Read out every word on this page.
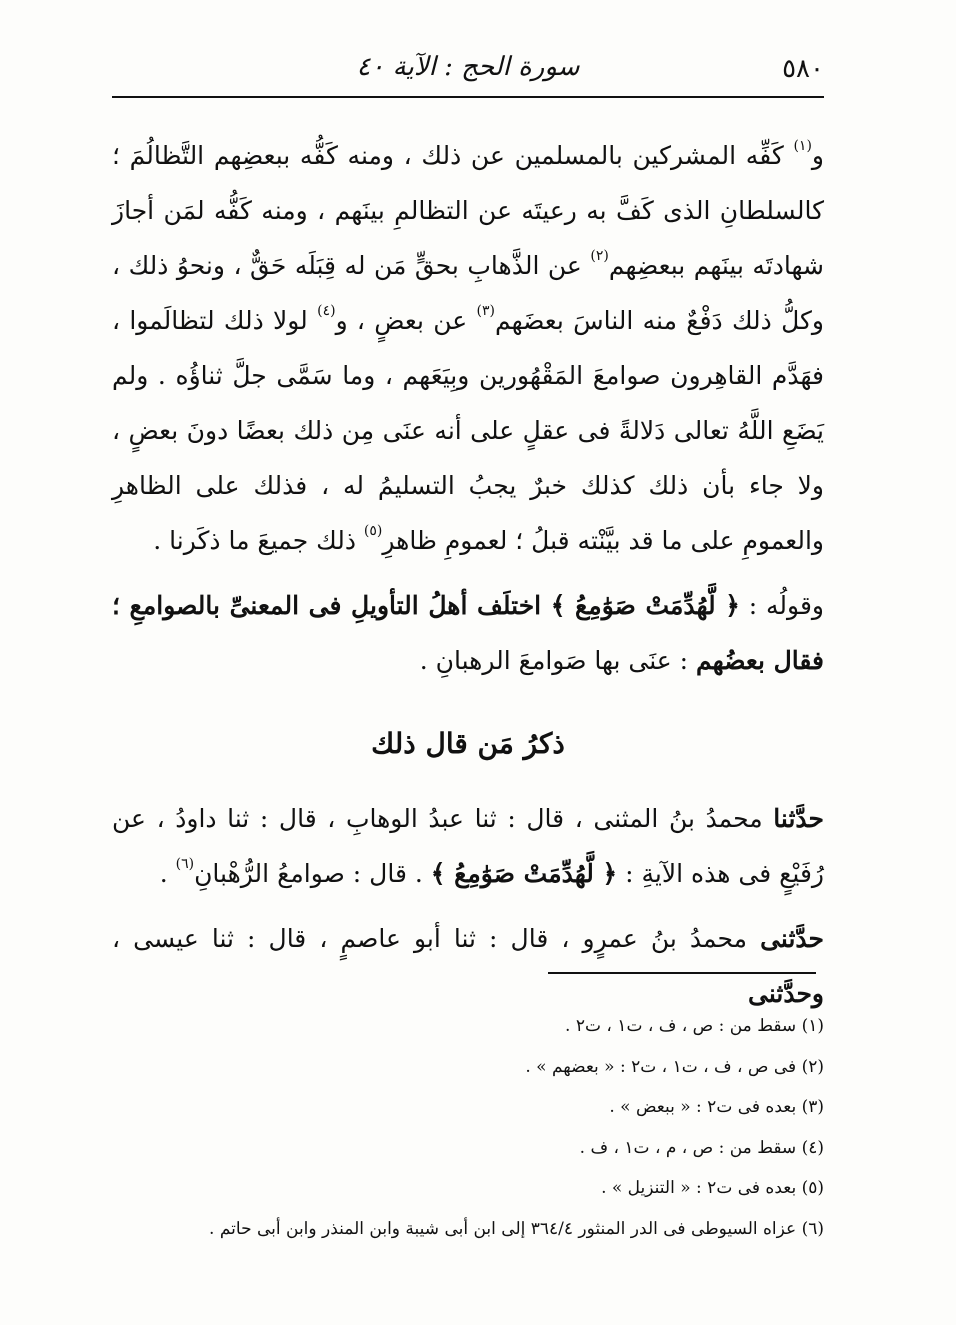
٥٨٠
سورة الحج : الآية ٤٠

و$^{(١)}$ كَفِّه المشركين بالمسلمين عن ذلك ، ومنه كَفُّه ببعضِهم التَّظالُمَ ؛ كالسلطانِ الذى كَفَّ به رعيتَه عن التظالمِ بينَهم ، ومنه كَفُّه لمَن أجازَ شهادتَه بينَهم ببعضِهم$^{(٢)}$ عن الذَّهابِ بحقٍّ مَن له قِبَلَه حَقٌّ ، ونحوُ ذلك ، وكلُّ ذلك دَفْعٌ منه الناسَ بعضَهم$^{(٣)}$ عن بعضٍ ، و$^{(٤)}$ لولا ذلك لتظالَموا ، فهَدَّم القاهِرون صوامعَ المَقْهُورين وبِيَعَهم ، وما سَمَّى جلَّ ثناؤُه . ولم يَضَعِ اللَّهُ تعالى دَلالةً فى عقلٍ على أنه عنَى مِن ذلك بعضًا دونَ بعضٍ ، ولا جاء بأن ذلك كذلك خبرٌ يجبُ التسليمُ له ، فذلك على الظاهرِ والعمومِ على ما قد بيَّنْته قبلُ ؛ لعمومِ ظاهرِ$^{(٥)}$ ذلك جميعَ ما ذكَرنا .

وقولُه : ﴿ لَّهُدِّمَتْ صَوَٰمِعُ ﴾ اختلَف أهلُ التأويلِ فى المعنىِّ بالصوامعِ ؛ فقال بعضُهم : عنَى بها صَوامعَ الرهبانِ .

ذكرُ مَن قال ذلك

حدَّثنا محمدُ بنُ المثنى ، قال : ثنا عبدُ الوهابِ ، قال : ثنا داودُ ، عن رُفَيْعٍ فى هذه الآيةِ : ﴿ لَّهُدِّمَتْ صَوَٰمِعُ ﴾ . قال : صوامعُ الرُّهْبانِ$^{(٦)}$ .

حدَّثنى محمدُ بنُ عمرٍو ، قال : ثنا أبو عاصمٍ ، قال : ثنا عيسى ، وحدَّثنى

(١) سقط من : ص ، ف ، ت١ ، ت٢ .
(٢) فى ص ، ف ، ت١ ، ت٢ : « بعضهم » .
(٣) بعده فى ت٢ : « ببعض » .
(٤) سقط من : ص ، م ، ت١ ، ف .
(٥) بعده فى ت٢ : « التنزيل » .
(٦) عزاه السيوطى فى الدر المنثور ٣٦٤/٤ إلى ابن أبى شيبة وابن المنذر وابن أبى حاتم .
